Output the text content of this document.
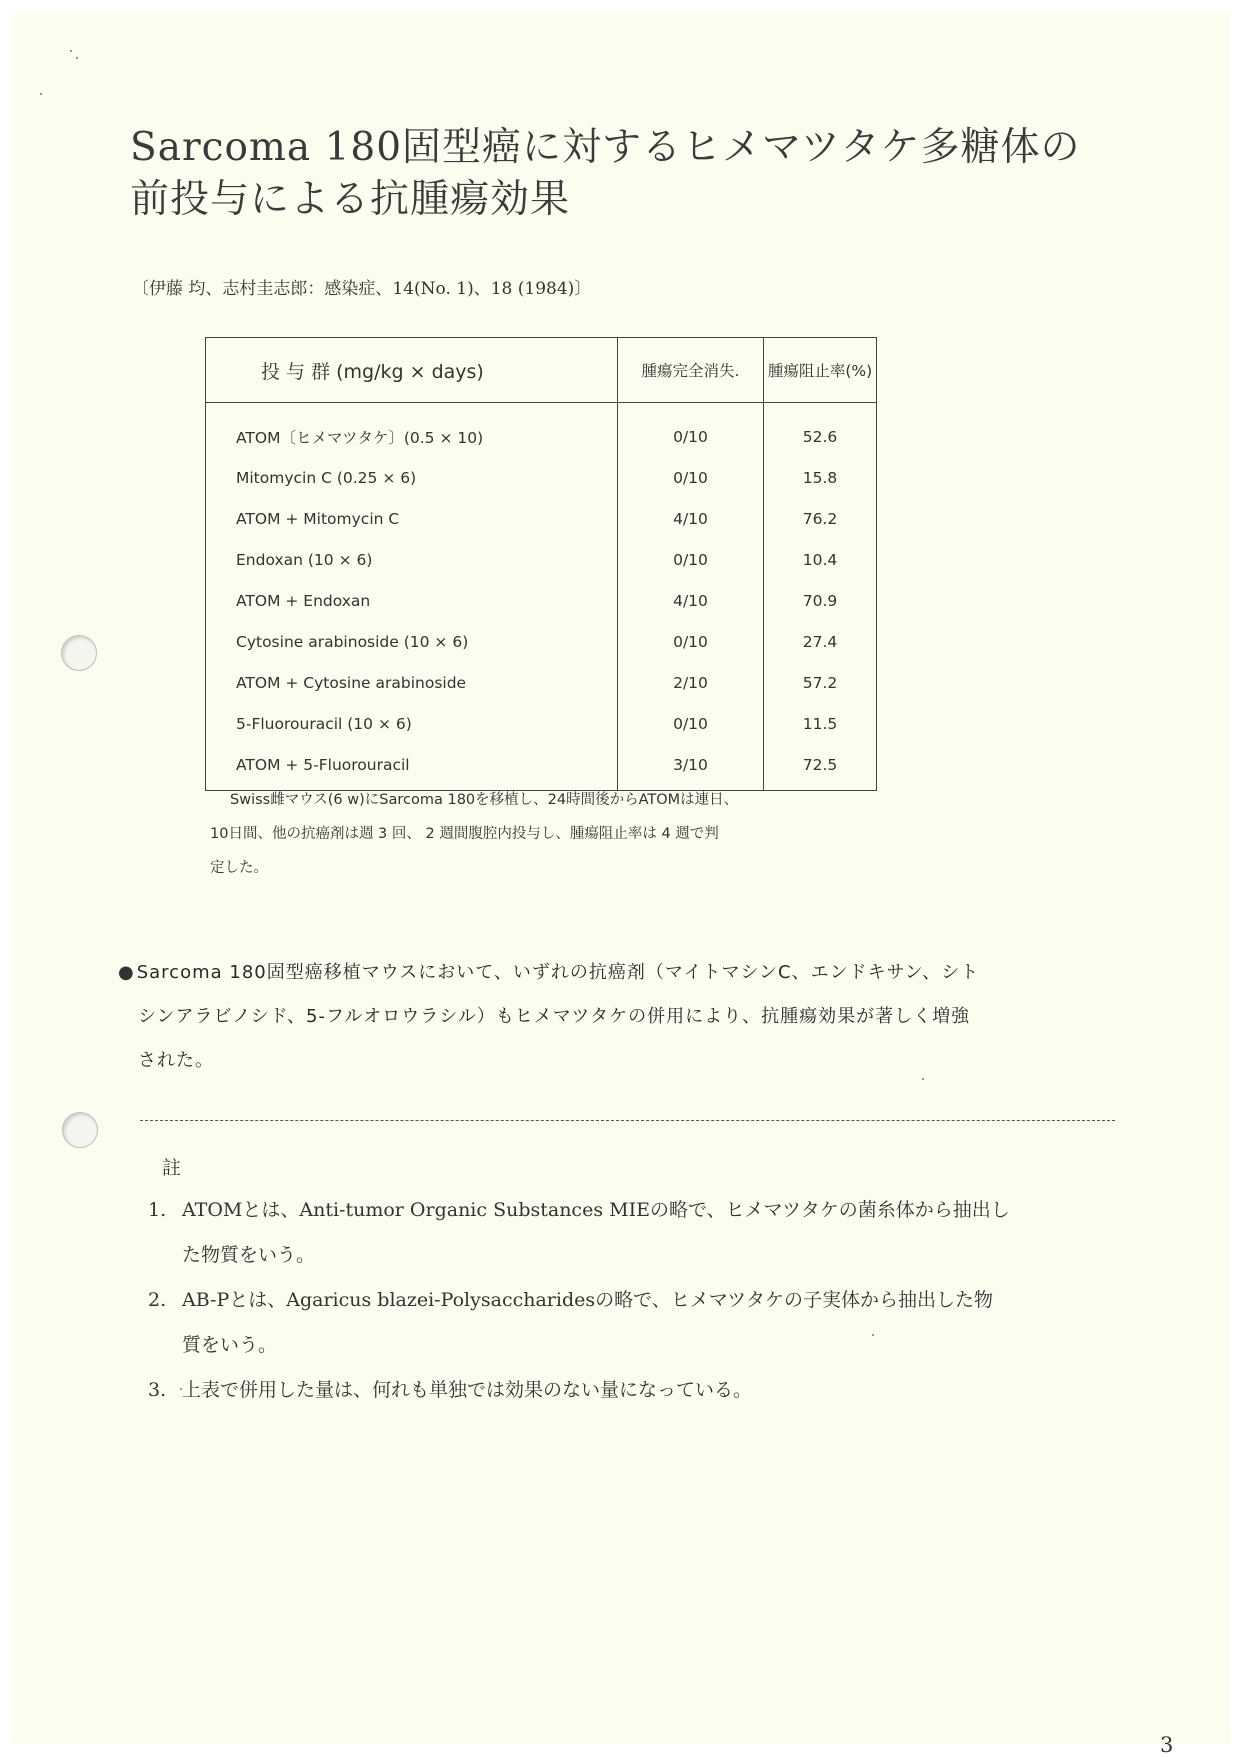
Sarcoma 180固型癌に対するヒメマツタケ多糖体の
前投与による抗腫瘍効果
〔伊藤 均、志村圭志郎：感染症、14(No. 1)、18 (1984)〕
投 与 群 (mg/kg × days)	腫瘍完全消失.	腫瘍阻止率(%)
ATOM〔ヒメマツタケ〕(0.5 × 10)	0/10	52.6
Mitomycin C (0.25 × 6)	0/10	15.8
ATOM + Mitomycin C	4/10	76.2
Endoxan (10 × 6)	0/10	10.4
ATOM + Endoxan	4/10	70.9
Cytosine arabinoside (10 × 6)	0/10	27.4
ATOM + Cytosine arabinoside	2/10	57.2
5-Fluorouracil (10 × 6)	0/10	11.5
ATOM + 5-Fluorouracil	3/10	72.5
Swiss雌マウス(6 w)にSarcoma 180を移植し、24時間後からATOMは連日、
10日間、他の抗癌剤は週 3 回、 2 週間腹腔内投与し、腫瘍阻止率は 4 週で判
定した。
● Sarcoma 180固型癌移植マウスにおいて、いずれの抗癌剤（マイトマシンC、エンドキサン、シト
シンアラビノシド、5-フルオロウラシル）もヒメマツタケの併用により、抗腫瘍効果が著しく増強
された。
註
1. ATOMとは、Anti-tumor Organic Substances MIEの略で、ヒメマツタケの菌糸体から抽出し
た物質をいう。
2. AB-Pとは、Agaricus blazei-Polysaccharidesの略で、ヒメマツタケの子実体から抽出した物
質をいう。
3. 上表で併用した量は、何れも単独では効果のない量になっている。
3
